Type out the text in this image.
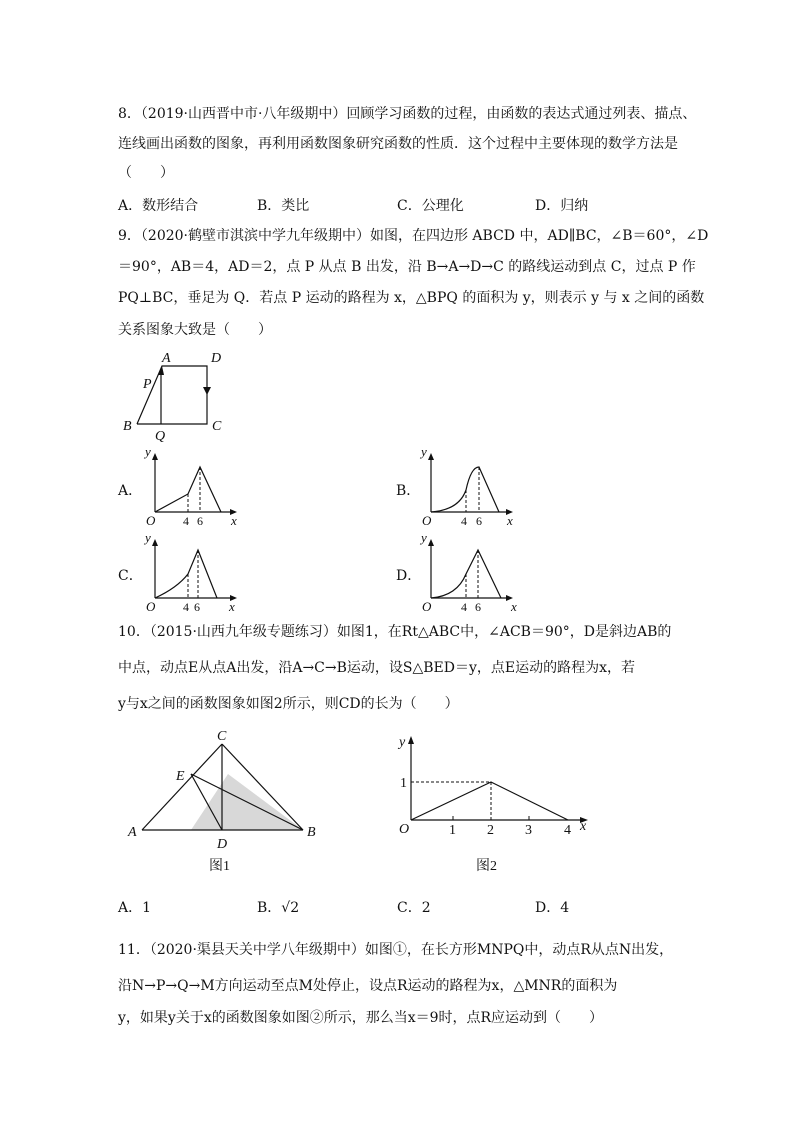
8．（2019·山西晋中市·八年级期中）回顾学习函数的过程，由函数的表达式通过列表、描点、
连线画出函数的图象，再利用函数图象研究函数的性质．这个过程中主要体现的数学方法是
（　　）
A．数形结合	B．类比	C．公理化	D．归纳
9．（2020·鹤壁市淇滨中学九年级期中）如图，在四边形 ABCD 中，AD∥BC，∠B＝60°，∠D
＝90°，AB＝4，AD＝2，点 P 从点 B 出发，沿 B→A→D→C 的路线运动到点 C，过点 P 作
PQ⊥BC，垂足为 Q．若点 P 运动的路程为 x，△BPQ 的面积为 y，则表示 y 与 x 之间的函数
关系图象大致是（　　）
A	D
P
B
Q
C
A．
y
O 4 6 x
B．
y
O 4 6 x
C．
y
O 4 6 x
D．
y
O 4 6 x
10．（2015·山西九年级专题练习）如图1，在Rt△ABC中，∠ACB＝90°，D是斜边AB的
中点，动点E从点A出发，沿A→C→B运动，设S△BED＝y，点E运动的路程为x，若
y与x之间的函数图象如图2所示，则CD的长为（　　）
C
E
A
D
B
图1
y
1
O	1 2 3 4 x
图2
A．1	B．√2	C．2	D．4
11．（2020·渠县天关中学八年级期中）如图①，在长方形MNPQ中，动点R从点N出发，
沿N→P→Q→M方向运动至点M处停止，设点R运动的路程为x，△MNR的面积为
y，如果y关于x的函数图象如图②所示，那么当x＝9时，点R应运动到（　　）
